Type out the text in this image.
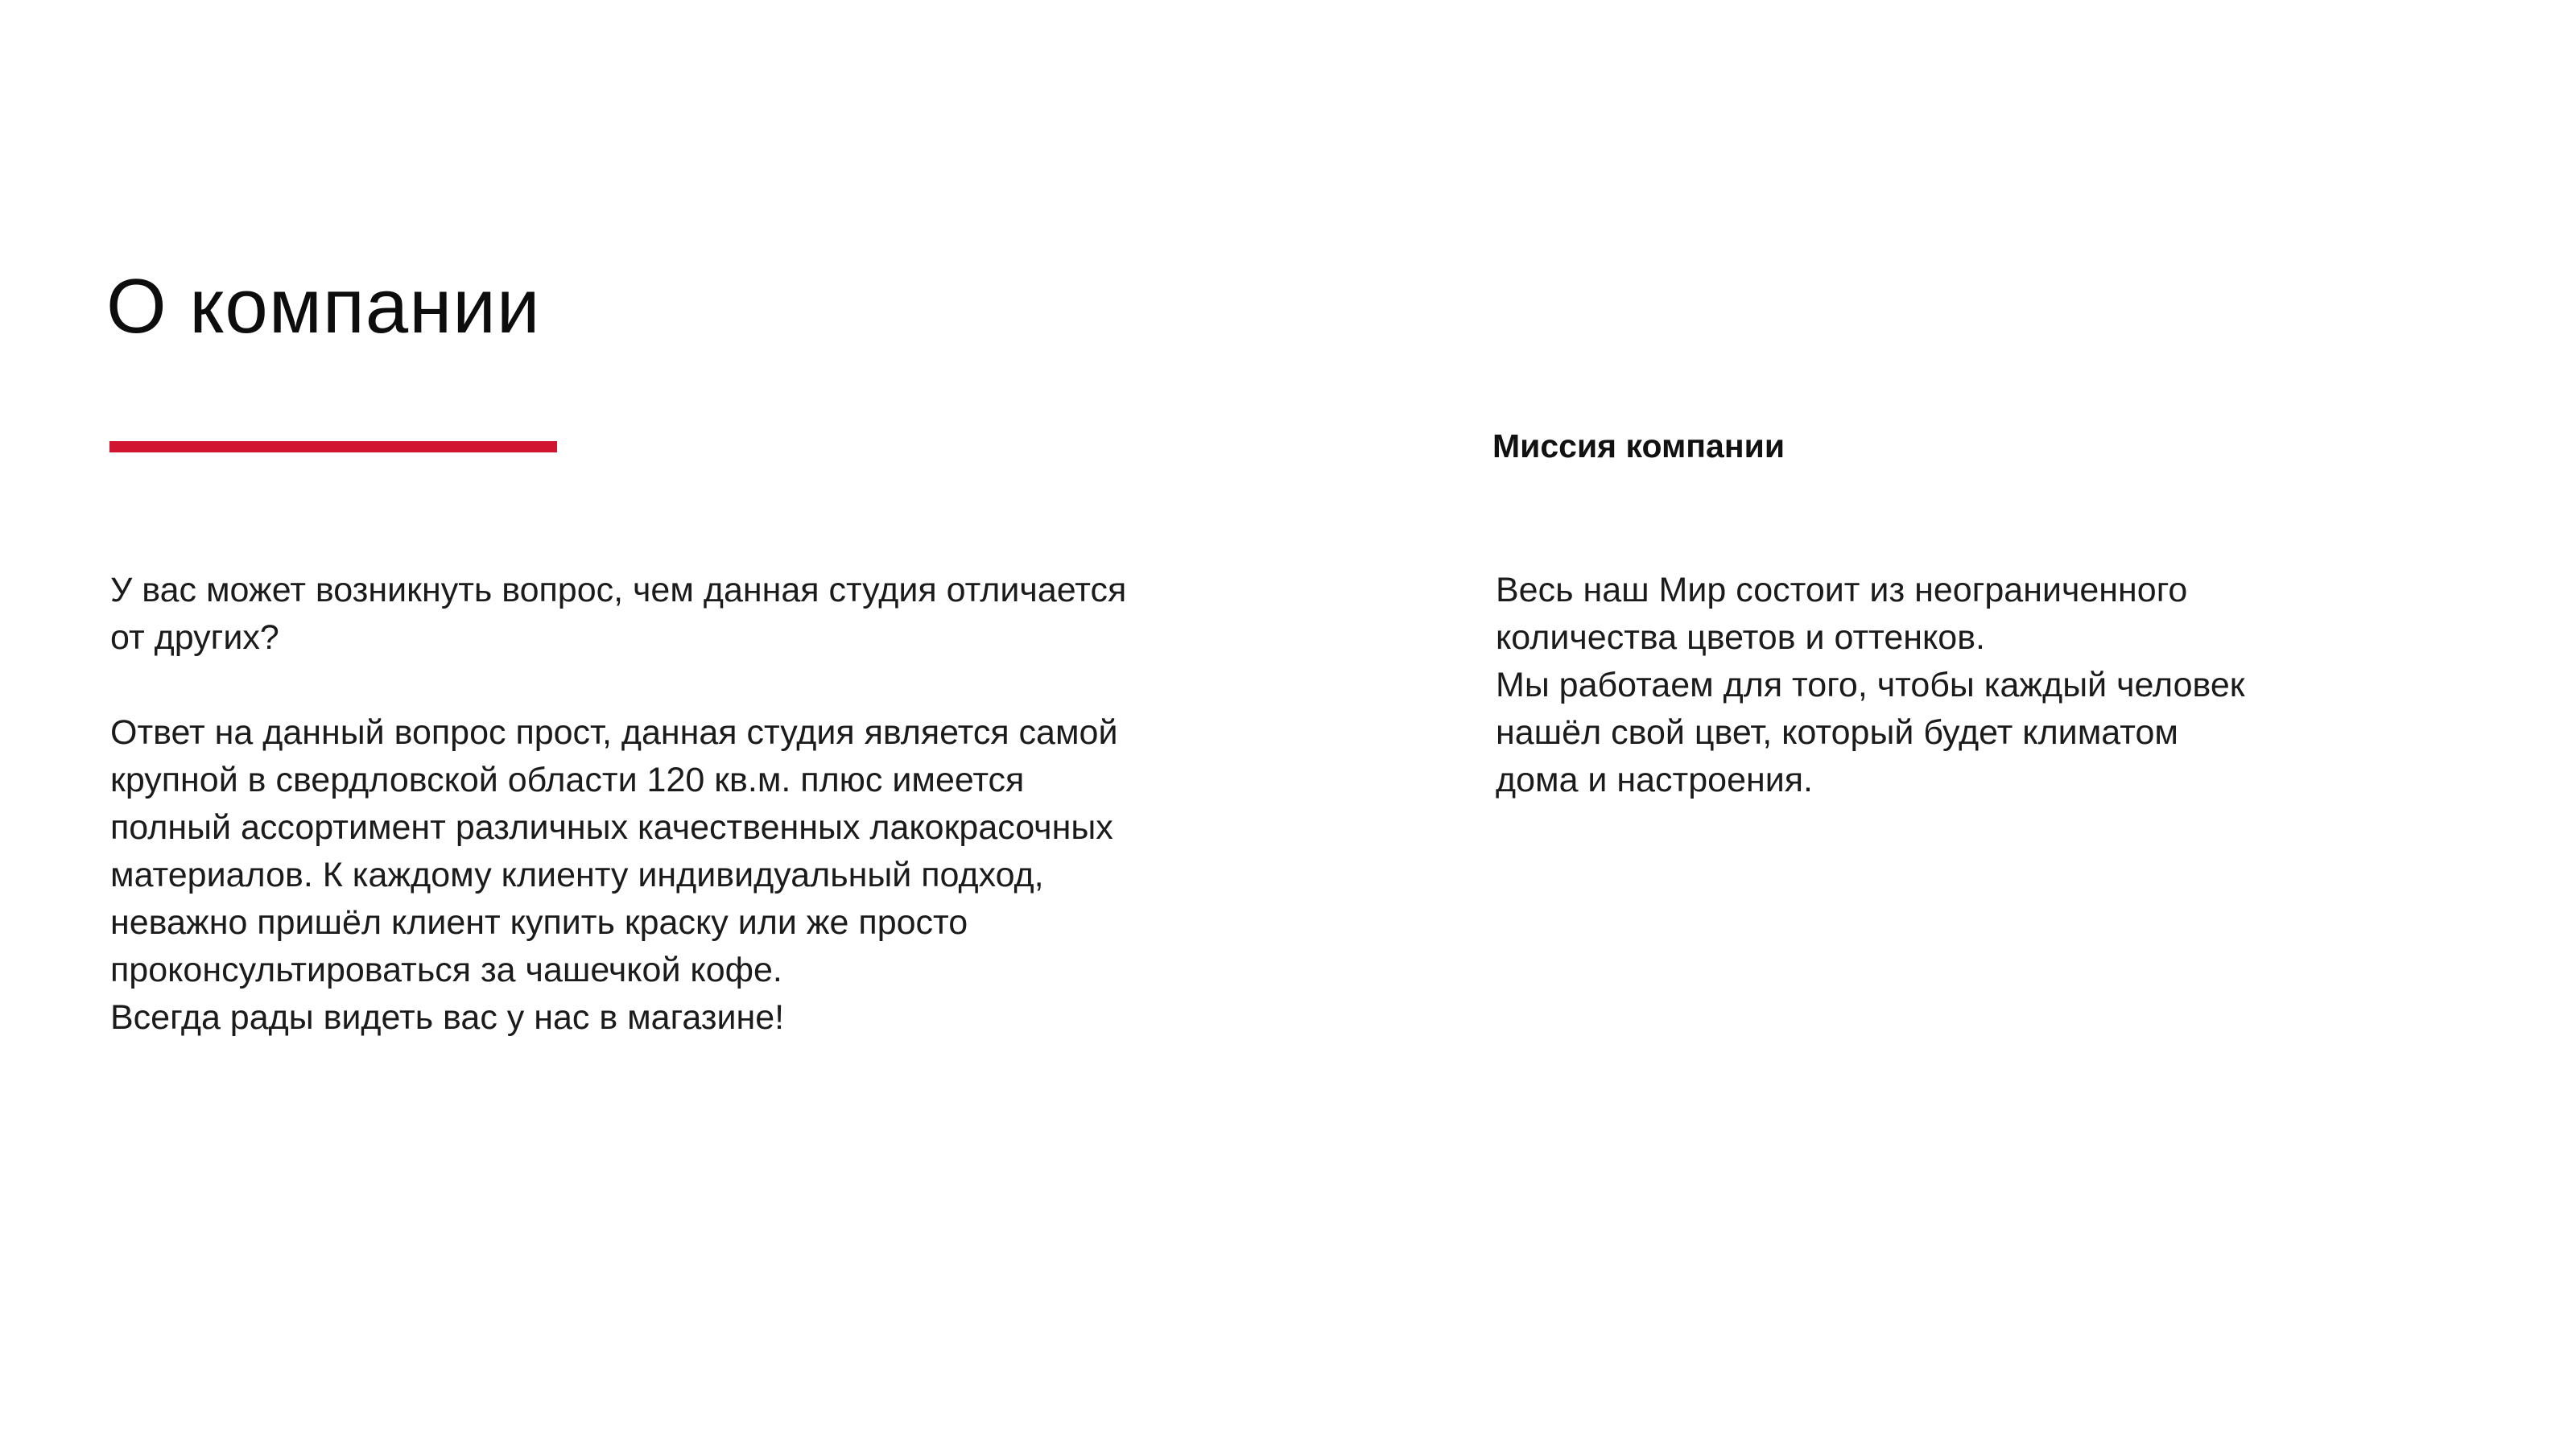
О компании
Миссия компании

У вас может возникнуть вопрос, чем данная студия отличается
от других?

Ответ на данный вопрос прост, данная студия является самой
крупной в свердловской области 120 кв.м. плюс имеется
полный ассортимент различных качественных лакокрасочных
материалов. К каждому клиенту индивидуальный подход,
неважно пришёл клиент купить краску или же просто
проконсультироваться за чашечкой кофе.
Всегда рады видеть вас у нас в магазине!

Весь наш Мир состоит из неограниченного
количества цветов и оттенков.
Мы работаем для того, чтобы каждый человек
нашёл свой цвет, который будет климатом
дома и настроения.
